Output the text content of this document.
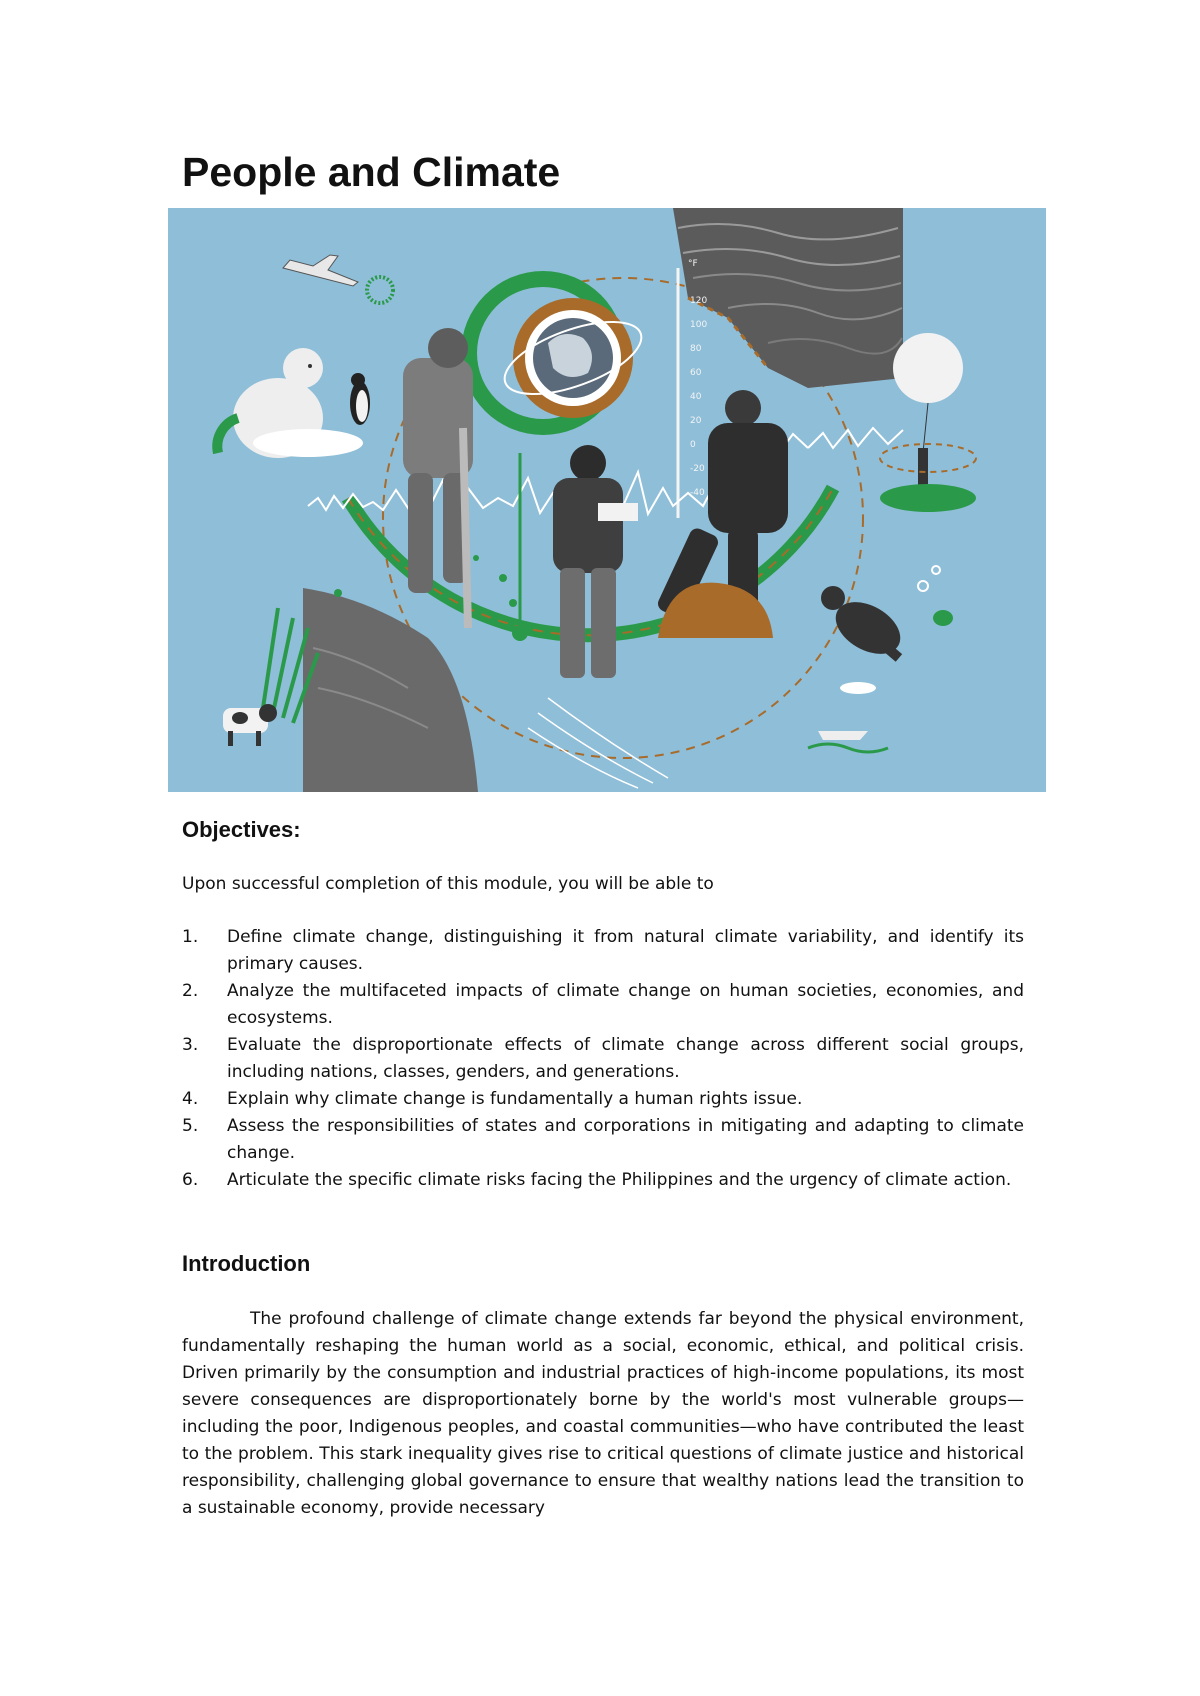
People and Climate
°F
120
100
80
60
40
20
0
-20
-40
Objectives:

Upon successful completion of this module, you will be able to

1.	Define climate change, distinguishing it from natural climate variability, and identify its primary causes.
2.	Analyze the multifaceted impacts of climate change on human societies, economies, and ecosystems.
3.	Evaluate the disproportionate effects of climate change across different social groups, including nations, classes, genders, and generations.
4.	Explain why climate change is fundamentally a human rights issue.
5.	Assess the responsibilities of states and corporations in mitigating and adapting to climate change.
6.	Articulate the specific climate risks facing the Philippines and the urgency of climate action.
Introduction

The profound challenge of climate change extends far beyond the physical environment, fundamentally reshaping the human world as a social, economic, ethical, and political crisis. Driven primarily by the consumption and industrial practices of high-income populations, its most severe consequences are disproportionately borne by the world's most vulnerable groups—including the poor, Indigenous peoples, and coastal communities—who have contributed the least to the problem. This stark inequality gives rise to critical questions of climate justice and historical responsibility, challenging global governance to ensure that wealthy nations lead the transition to a sustainable economy, provide necessary
